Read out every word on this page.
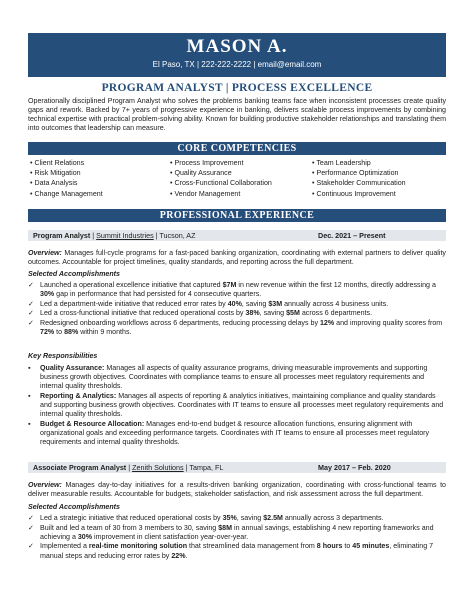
MASON A.
El Paso, TX | 222-222-2222 | email@email.com
PROGRAM ANALYST | PROCESS EXCELLENCE
Operationally disciplined Program Analyst who solves the problems banking teams face when inconsistent processes create quality gaps and rework. Backed by 7+ years of progressive experience in banking, delivers scalable process improvements by combining technical expertise with practical problem-solving ability. Known for building productive stakeholder relationships and translating them into outcomes that leadership can measure.
CORE COMPETENCIES
• Client Relations	• Process Improvement	• Team Leadership
• Risk Mitigation	• Quality Assurance	• Performance Optimization
• Data Analysis	• Cross-Functional Collaboration	• Stakeholder Communication
• Change Management	• Vendor Management	• Continuous Improvement
PROFESSIONAL EXPERIENCE
Program Analyst | Summit Industries | Tucson, AZ	Dec. 2021 – Present
Overview: Manages full-cycle programs for a fast-paced banking organization, coordinating with external partners to deliver quality outcomes. Accountable for project timelines, quality standards, and reporting across the full department.
Selected Accomplishments
✓ Launched a operational excellence initiative that captured $7M in new revenue within the first 12 months, directly addressing a 30% gap in performance that had persisted for 4 consecutive quarters.
✓ Led a department-wide initiative that reduced error rates by 40%, saving $3M annually across 4 business units.
✓ Led a cross-functional initiative that reduced operational costs by 38%, saving $5M across 6 departments.
✓ Redesigned onboarding workflows across 6 departments, reducing processing delays by 12% and improving quality scores from 72% to 88% within 9 months.
Key Responsibilities
▪ Quality Assurance: Manages all aspects of quality assurance programs, driving measurable improvements and supporting business growth objectives. Coordinates with compliance teams to ensure all processes meet regulatory requirements and internal quality thresholds.
▪ Reporting & Analytics: Manages all aspects of reporting & analytics initiatives, maintaining compliance and quality standards and supporting business growth objectives. Coordinates with IT teams to ensure all processes meet regulatory requirements and internal quality thresholds.
▪ Budget & Resource Allocation: Manages end-to-end budget & resource allocation functions, ensuring alignment with organizational goals and exceeding performance targets. Coordinates with IT teams to ensure all processes meet regulatory requirements and internal quality thresholds.
Associate Program Analyst | Zenith Solutions | Tampa, FL	May 2017 – Feb. 2020
Overview: Manages day-to-day initiatives for a results-driven banking organization, coordinating with cross-functional teams to deliver measurable results. Accountable for budgets, stakeholder satisfaction, and risk assessment across the full department.
Selected Accomplishments
✓ Led a strategic initiative that reduced operational costs by 35%, saving $2.5M annually across 3 departments.
✓ Built and led a team of 30 from 3 members to 30, saving $8M in annual savings, establishing 4 new reporting frameworks and achieving a 30% improvement in client satisfaction year-over-year.
✓ Implemented a real-time monitoring solution that streamlined data management from 8 hours to 45 minutes, eliminating 7 manual steps and reducing error rates by 22%.
